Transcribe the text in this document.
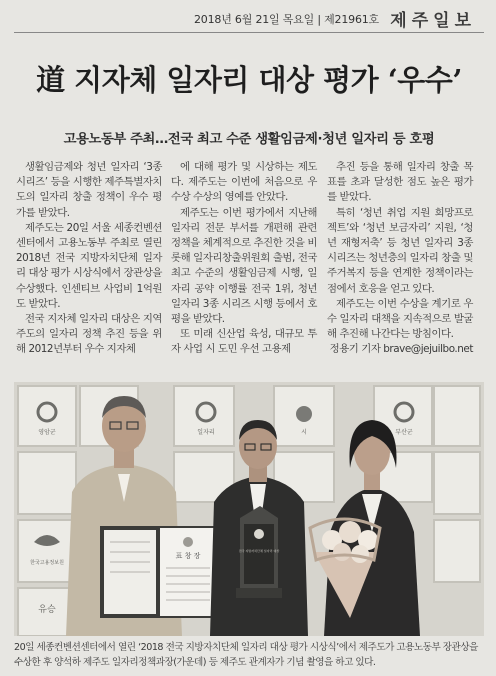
2018년 6월 21일 목요일 | 제21961호 제주일보
道 지자체 일자리 대상 평가 ‘우수’
고용노동부 주최…전국 최고 수준 생활임금제·청년 일자리 등 호평

생활임금제와 청년 일자리 ‘3종 시리즈’ 등을 시행한 제주특별자치도의 일자리 창출 정책이 우수 평가를 받았다.

제주도는 20일 서울 세종컨벤션센터에서 고용노동부 주최로 열린 2018년 전국 지방자치단체 일자리 대상 평가 시상식에서 장관상을 수상했다. 인센티브 사업비 1억원도 받았다.

전국 지자체 일자리 대상은 지역 주도의 일자리 정책 추진 등을 위해 2012년부터 우수 지자체

에 대해 평가 및 시상하는 제도다. 제주도는 이번에 처음으로 우수상 수상의 영예를 안았다.

제주도는 이번 평가에서 지난해 일자리 전문 부서를 개편해 관련 정책을 체계적으로 추진한 것을 비롯해 일자리창출위원회 출범, 전국 최고 수준의 생활임금제 시행, 일자리 공약 이행률 전국 1위, 청년 일자리 3종 시리즈 시행 등에서 호평을 받았다.

또 미래 신산업 육성, 대규모 투자 사업 시 도민 우선 고용제

추진 등을 통해 일자리 창출 목표를 초과 달성한 점도 높은 평가를 받았다.

특히 ‘청년 취업 지원 희망프로젝트’와 ‘청년 보금자리’ 지원, ‘청년 재형저축’ 등 청년 일자리 3종 시리즈는 청년층의 일자리 창출 및 주거복지 등을 연계한 정책이라는 점에서 호응을 얻고 있다.

제주도는 이번 수상을 계기로 우수 일자리 대책을 지속적으로 발굴해 추진해 나간다는 방침이다.

정용기 기자 brave@jejuilbo.net
영암군	일자리	시	부산군
한국고용정보원
유승
표 창 장
전국 지방자치단체 일자리 대상
20일 세종컨벤션센터에서 열린 ‘2018 전국 지방자치단체 일자리 대상 평가 시상식’에서 제주도가 고용노동부 장관상을 수상한 후 양석하 제주도 일자리정책과장(가운데) 등 제주도 관계자가 기념 촬영을 하고 있다.
